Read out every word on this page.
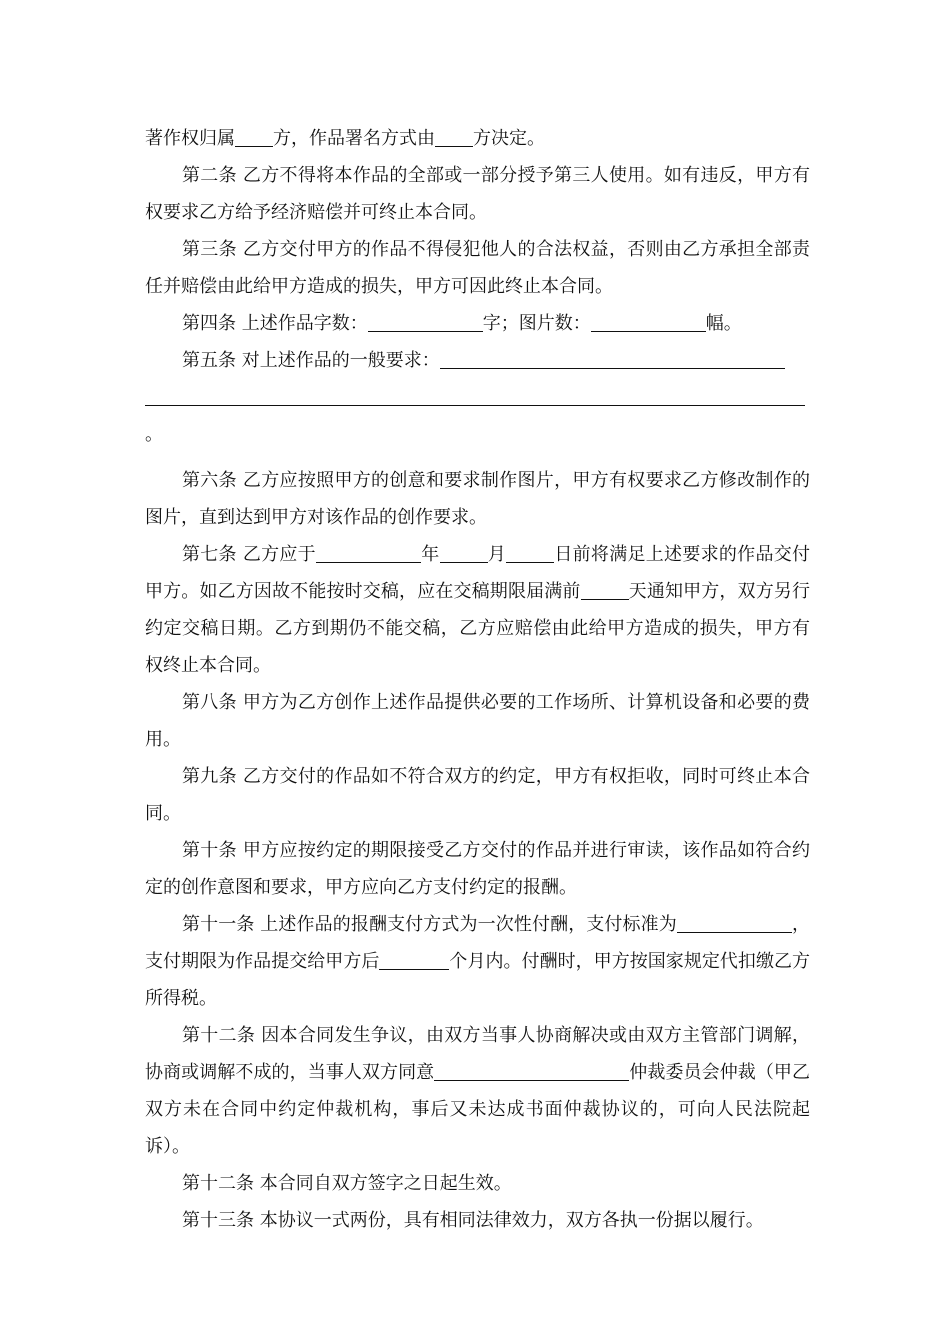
著作权归属 方，作品署名方式由 方决定。

第二条 乙方不得将本作品的全部或一部分授予第三人使用。如有违反，甲方有权要求乙方给予经济赔偿并可终止本合同。

第三条 乙方交付甲方的作品不得侵犯他人的合法权益，否则由乙方承担全部责任并赔偿由此给甲方造成的损失，甲方可因此终止本合同。

第四条 上述作品字数：	字；图片数：	幅。

第五条 对上述作品的一般要求：

。

第六条 乙方应按照甲方的创意和要求制作图片，甲方有权要求乙方修改制作的图片，直到达到甲方对该作品的创作要求。

第七条 乙方应于	年	月	日前将满足上述要求的作品交付甲方。如乙方因故不能按时交稿，应在交稿期限届满前	天通知甲方，双方另行约定交稿日期。乙方到期仍不能交稿，乙方应赔偿由此给甲方造成的损失，甲方有权终止本合同。

第八条 甲方为乙方创作上述作品提供必要的工作场所、计算机设备和必要的费用。

第九条 乙方交付的作品如不符合双方的约定，甲方有权拒收，同时可终止本合同。

第十条 甲方应按约定的期限接受乙方交付的作品并进行审读，该作品如符合约定的创作意图和要求，甲方应向乙方支付约定的报酬。

第十一条 上述作品的报酬支付方式为一次性付酬，支付标准为	，支付期限为作品提交给甲方后	个月内。付酬时，甲方按国家规定代扣缴乙方所得税。

第十二条 因本合同发生争议，由双方当事人协商解决或由双方主管部门调解，协商或调解不成的，当事人双方同意	仲裁委员会仲裁（甲乙双方未在合同中约定仲裁机构，事后又未达成书面仲裁协议的，可向人民法院起诉）。

第十二条 本合同自双方签字之日起生效。

第十三条 本协议一式两份，具有相同法律效力，双方各执一份据以履行。
